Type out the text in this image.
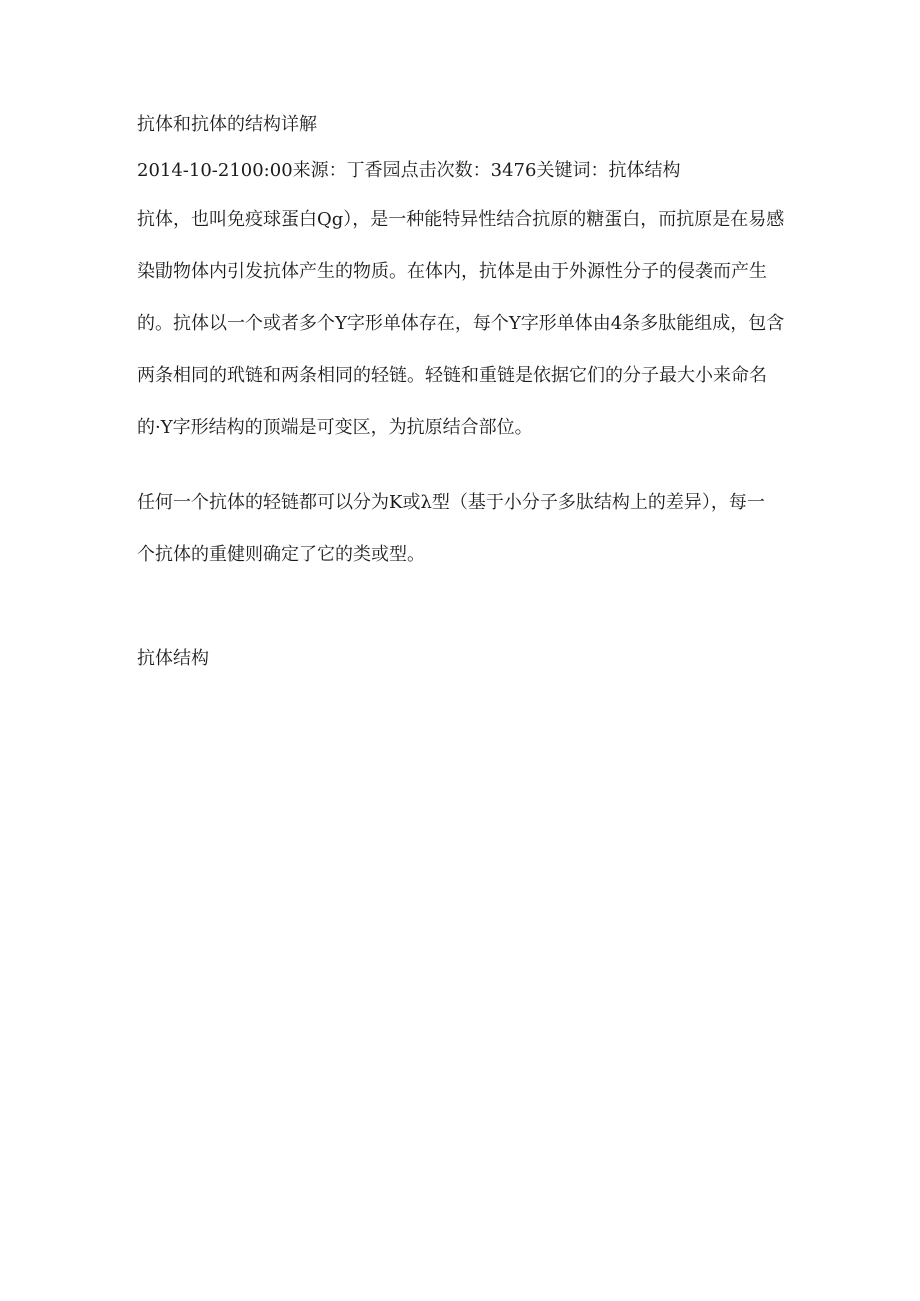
抗体和抗体的结构详解
2014-10-2100:00来源：丁香园点击次数：3476关键词：抗体结构
抗体，也叫免疫球蛋白Qg），是一种能特异性结合抗原的糖蛋白，而抗原是在易感
染勖物体内引发抗体产生的物质。在体内，抗体是由于外源性分子的侵袭而产生
的。抗体以一个或者多个Y字形单体存在，每个Y字形单体由4条多肽能组成，包含
两条相同的玳链和两条相同的轻链。轻链和重链是依据它们的分子最大小来命名
的·Y字形结构的顶端是可变区，为抗原结合部位。
任何一个抗体的轻链都可以分为K或λ型（基于小分子多肽结构上的差异），每一
个抗体的重健则确定了它的类或型。
抗体结构
